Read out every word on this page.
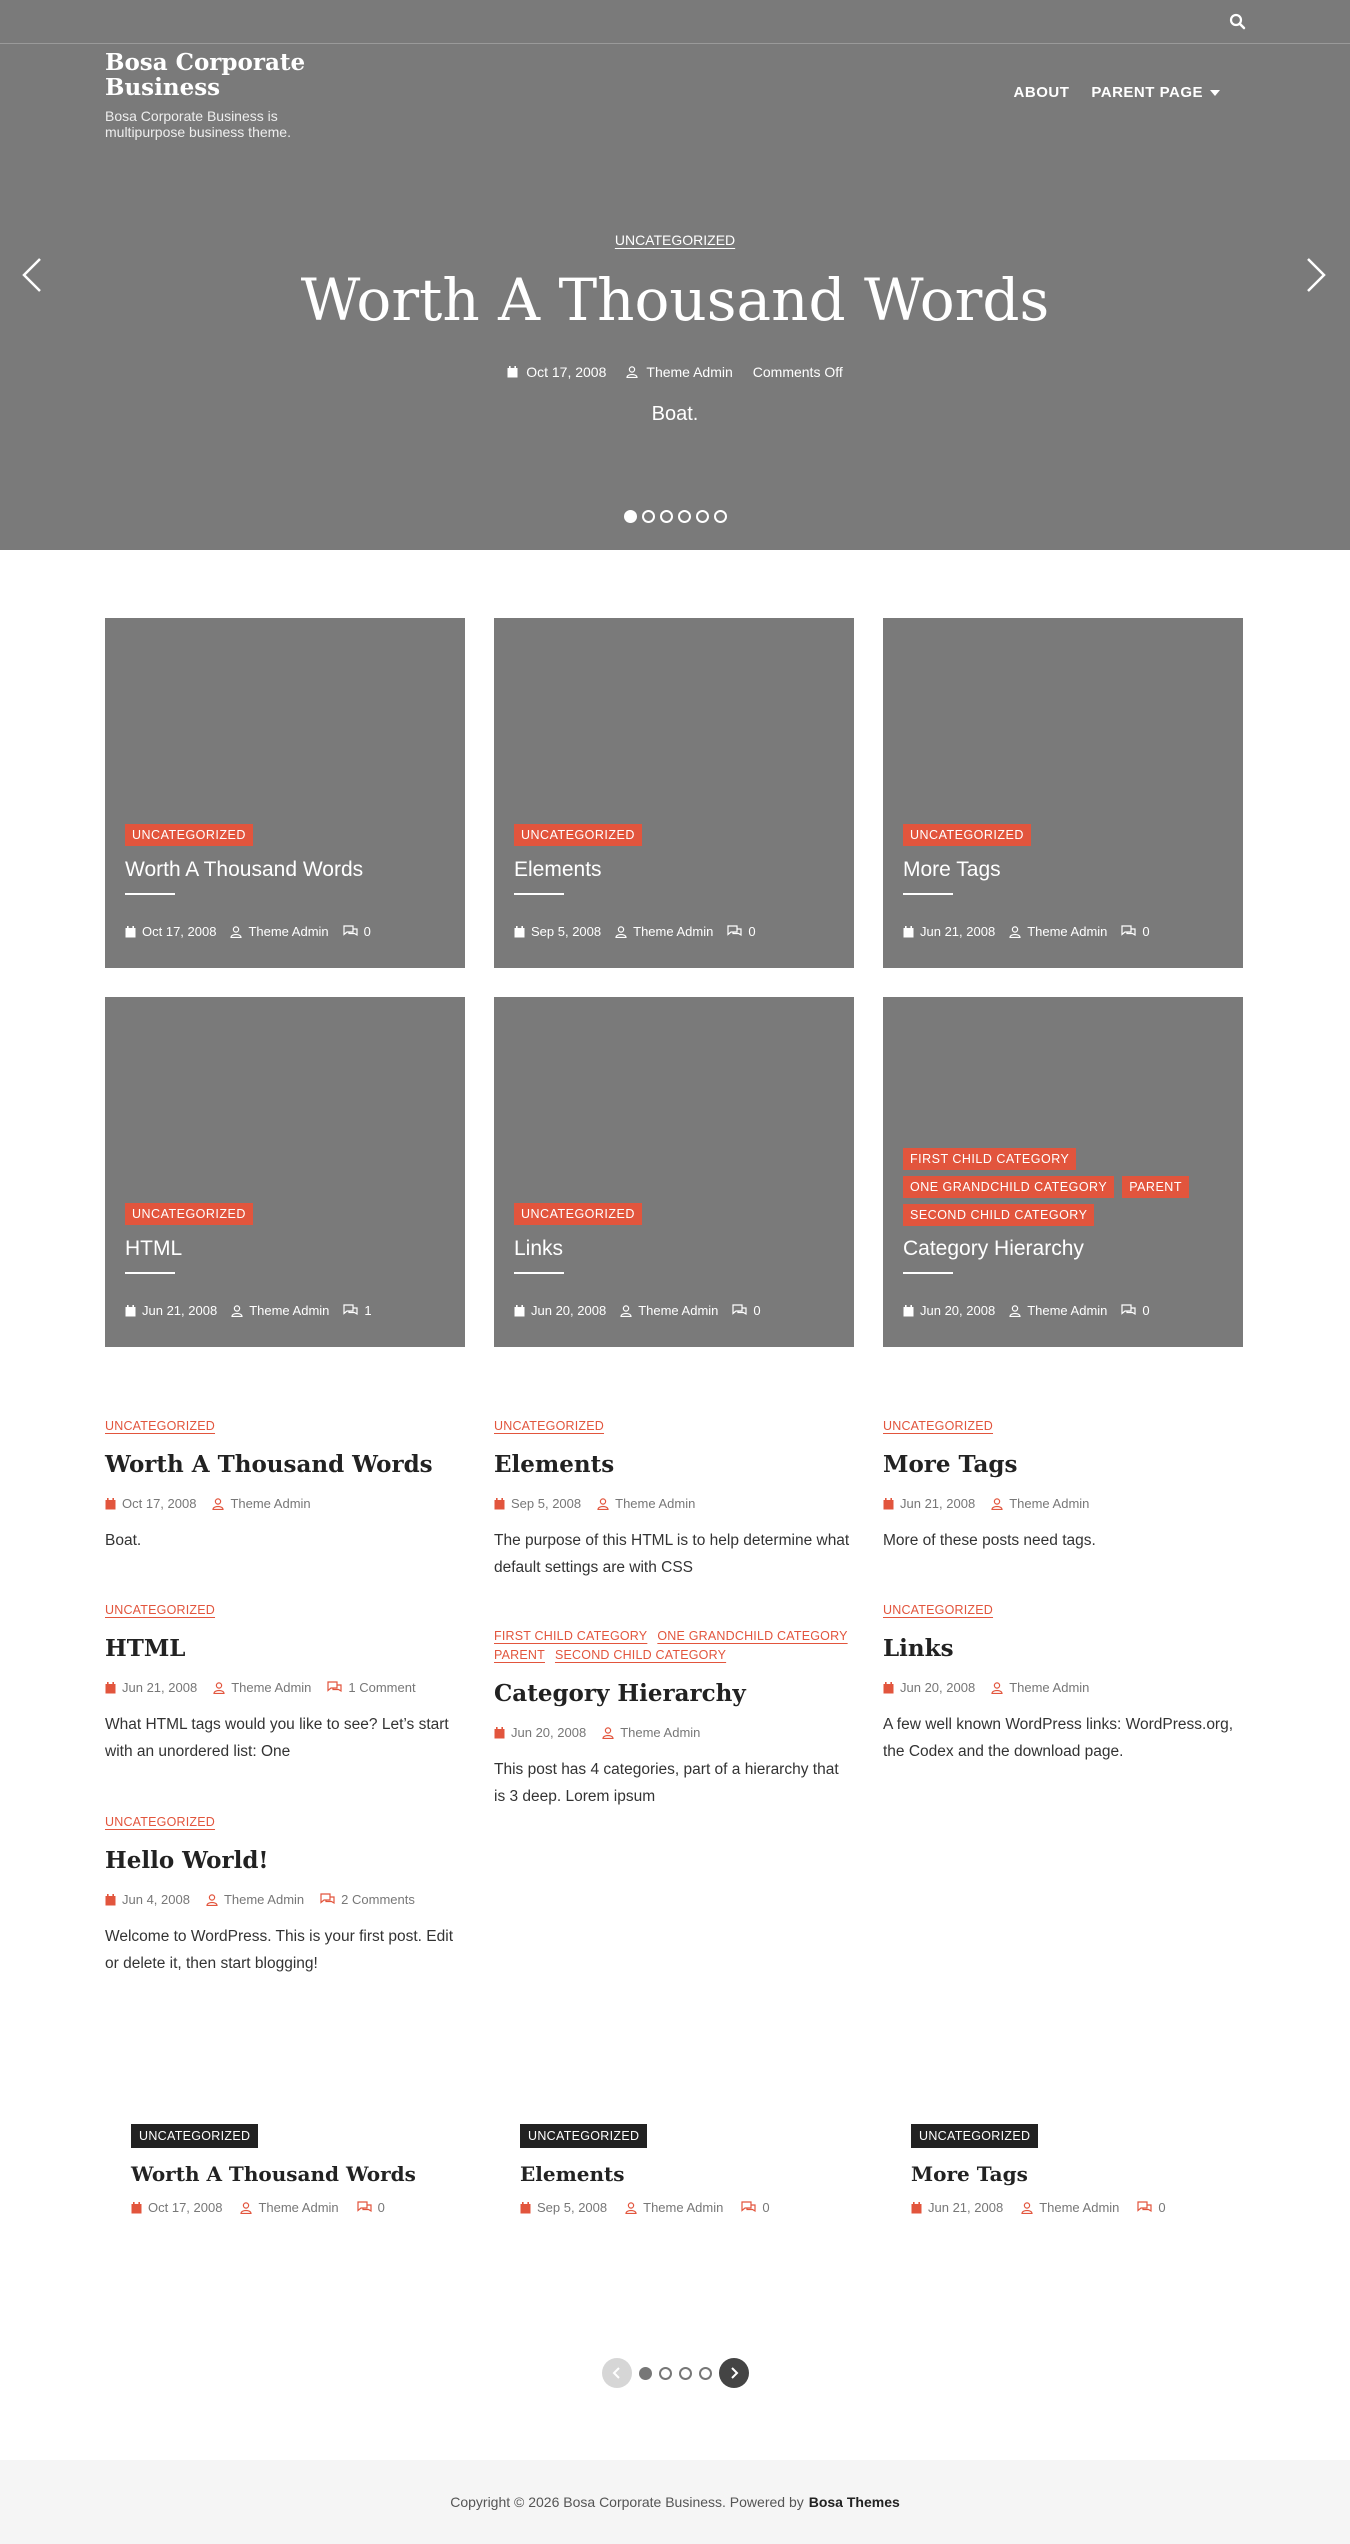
Bosa Corporate Business
Bosa Corporate Business is multipurpose business theme.
ABOUT PARENT PAGE
UNCATEGORIZED
Worth A Thousand Words
Oct 17, 2008	Theme Admin Comments Off
Boat.
UNCATEGORIZED
Worth A Thousand Words
Oct 17, 2008 Theme Admin	0
UNCATEGORIZED
Elements
Sep 5, 2008 Theme Admin	0
UNCATEGORIZED
More Tags
Jun 21, 2008 Theme Admin	0
UNCATEGORIZED
HTML
Jun 21, 2008 Theme Admin	1
UNCATEGORIZED
Links
Jun 20, 2008 Theme Admin	0
FIRST CHILD CATEGORY
ONE GRANDCHILD CATEGORY	PARENT
SECOND CHILD CATEGORY
Category Hierarchy
Jun 20, 2008 Theme Admin	0
UNCATEGORIZED
Worth A Thousand Words
Oct 17, 2008	Theme Admin
Boat.
UNCATEGORIZED
Elements
Sep 5, 2008	Theme Admin
The purpose of this HTML is to help determine what default settings are with CSS
UNCATEGORIZED
More Tags
Jun 21, 2008	Theme Admin
More of these posts need tags.
UNCATEGORIZED
HTML
Jun 21, 2008	Theme Admin	1 Comment
What HTML tags would you like to see? Let’s start with an unordered list: One
FIRST CHILD CATEGORY ONE GRANDCHILD CATEGORY
PARENT SECOND CHILD CATEGORY
Category Hierarchy
Jun 20, 2008	Theme Admin
This post has 4 categories, part of a hierarchy that is 3 deep. Lorem ipsum
UNCATEGORIZED
Links
Jun 20, 2008	Theme Admin
A few well known WordPress links: WordPress.org, the Codex and the download page.
UNCATEGORIZED
Hello World!
Jun 4, 2008	Theme Admin	2 Comments
Welcome to WordPress. This is your first post. Edit or delete it, then start blogging!
UNCATEGORIZED
Worth A Thousand Words
Oct 17, 2008	Theme Admin	0
UNCATEGORIZED
Elements
Sep 5, 2008	Theme Admin	0
UNCATEGORIZED
More Tags
Jun 21, 2008	Theme Admin	0
Copyright © 2026 Bosa Corporate Business. Powered by Bosa Themes
